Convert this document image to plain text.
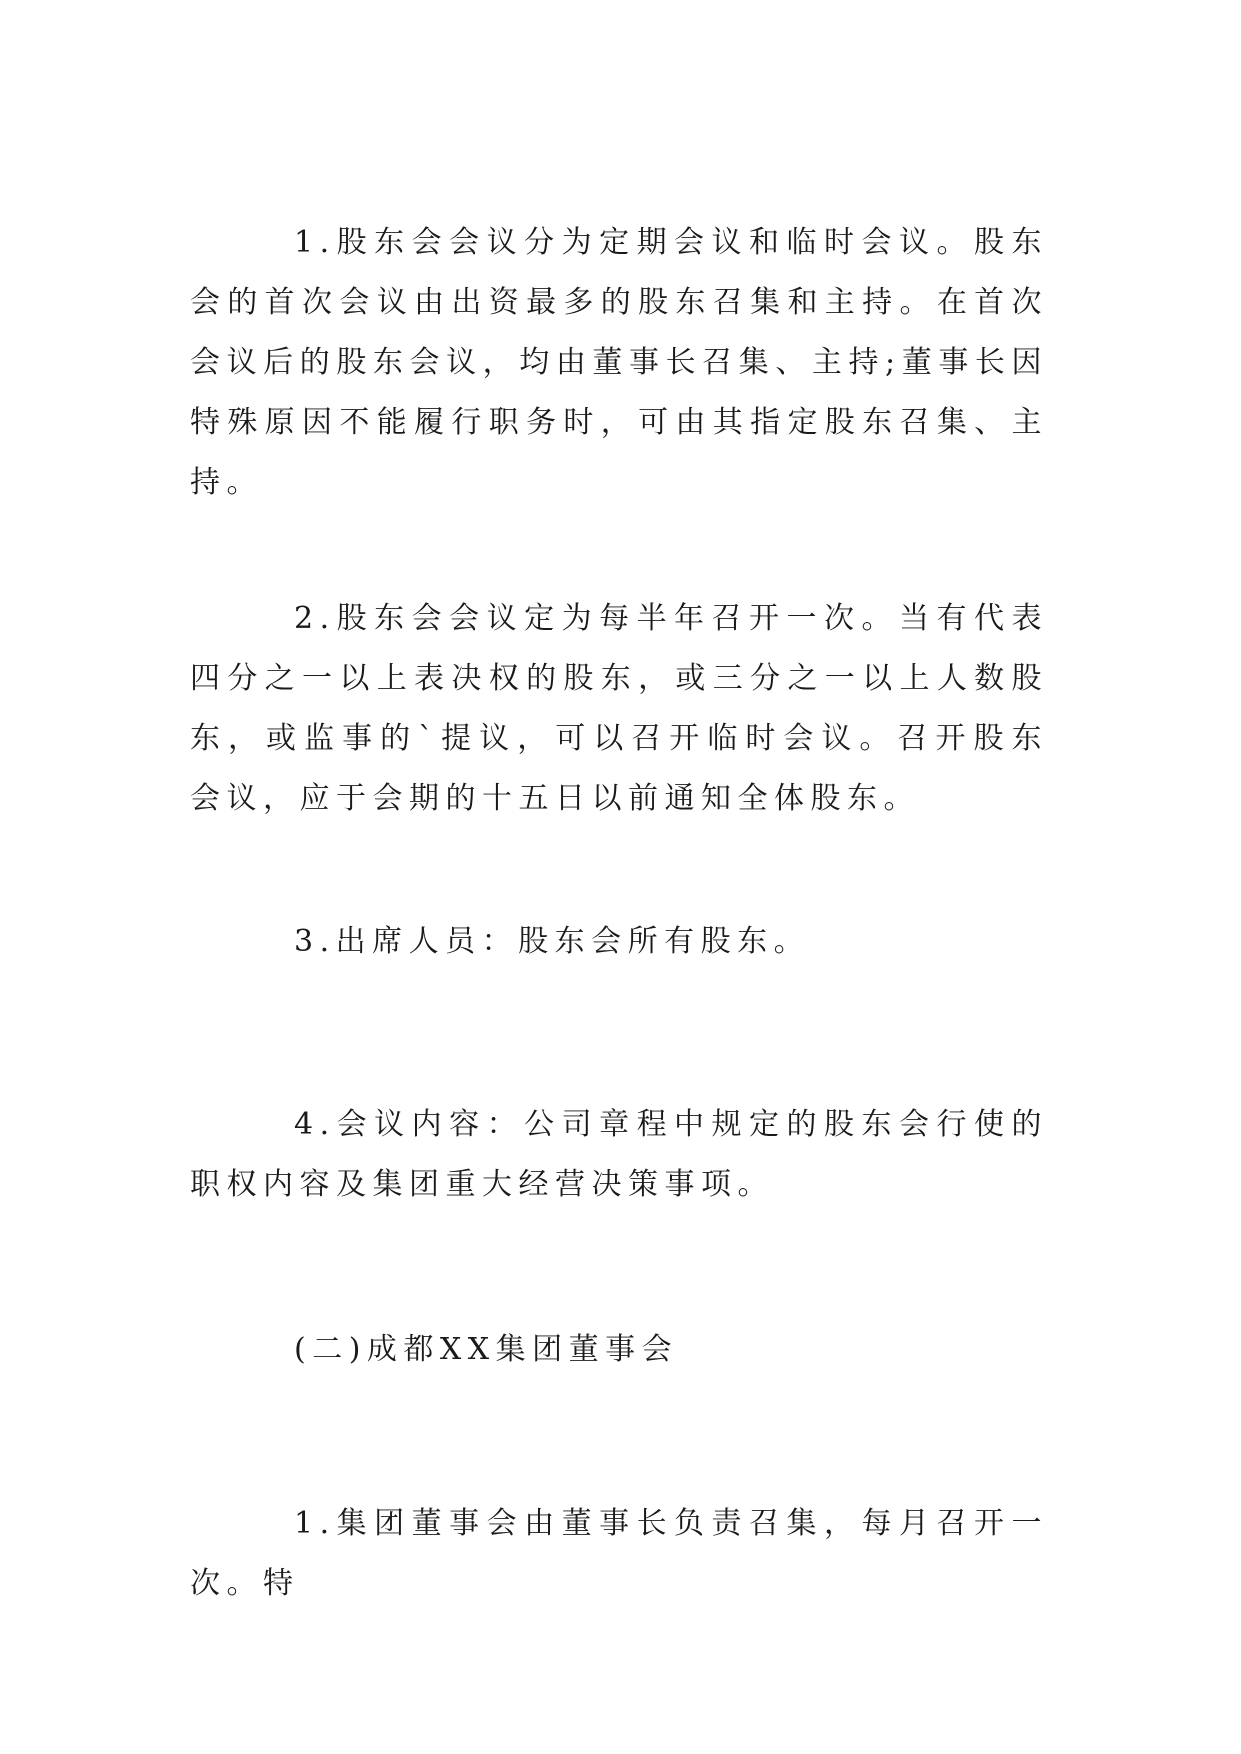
1.股东会会议分为定期会议和临时会议。股东会的首次会议由出资最多的股东召集和主持。在首次会议后的股东会议，均由董事长召集、主持;董事长因特殊原因不能履行职务时，可由其指定股东召集、主持。

2.股东会会议定为每半年召开一次。当有代表四分之一以上表决权的股东，或三分之一以上人数股东，或监事的`提议，可以召开临时会议。召开股东会议，应于会期的十五日以前通知全体股东。

3.出席人员：股东会所有股东。

4.会议内容：公司章程中规定的股东会行使的职权内容及集团重大经营决策事项。

(二)成都XX集团董事会

1.集团董事会由董事长负责召集，每月召开一次。特
